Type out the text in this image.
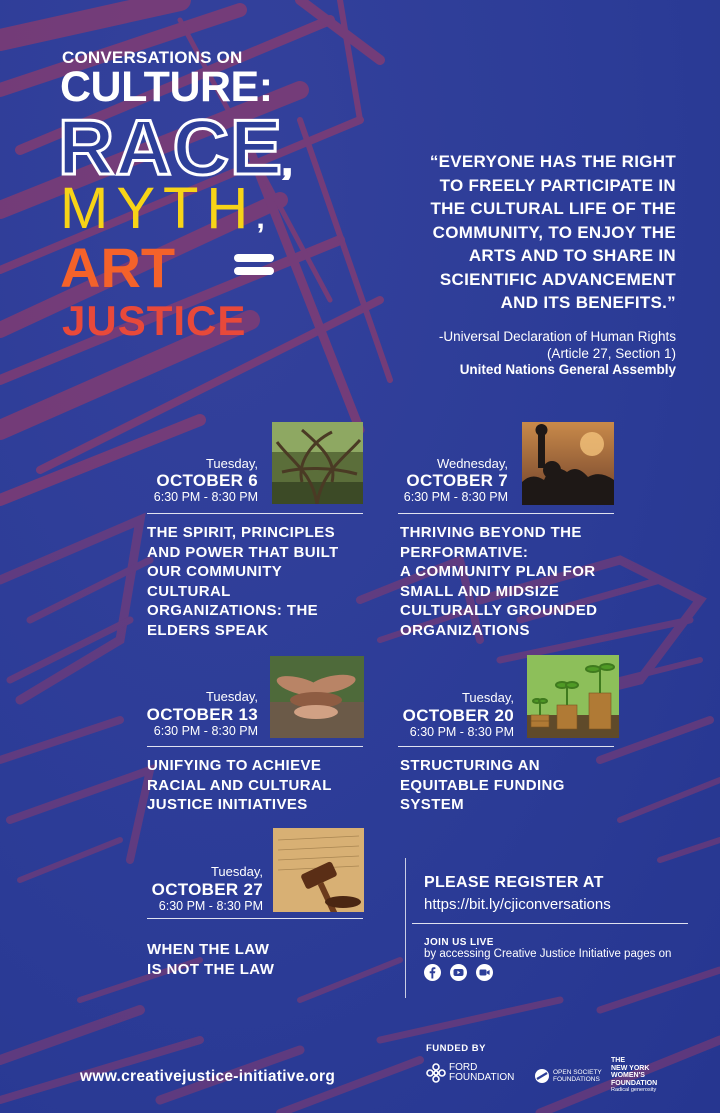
CONVERSATIONS ON
CULTURE:
RACE,
MYTH,
ART
JUSTICE
“EVERYONE HAS THE RIGHT
TO FREELY PARTICIPATE IN
THE CULTURAL LIFE OF THE
COMMUNITY, TO ENJOY THE
ARTS AND TO SHARE IN
SCIENTIFIC ADVANCEMENT
AND ITS BENEFITS.”
-Universal Declaration of Human Rights
(Article 27, Section 1)
United Nations General Assembly
Tuesday,
OCTOBER 6
6:30 PM - 8:30 PM
THE SPIRIT, PRINCIPLES
AND POWER THAT BUILT
OUR COMMUNITY
CULTURAL
ORGANIZATIONS: THE
ELDERS SPEAK
Wednesday,
OCTOBER 7
6:30 PM - 8:30 PM
THRIVING BEYOND THE
PERFORMATIVE:
A COMMUNITY PLAN FOR
SMALL AND MIDSIZE
CULTURALLY GROUNDED
ORGANIZATIONS
Tuesday,
OCTOBER 13
6:30 PM - 8:30 PM
UNIFYING TO ACHIEVE
RACIAL AND CULTURAL
JUSTICE INITIATIVES
Tuesday,
OCTOBER 20
6:30 PM - 8:30 PM
STRUCTURING AN
EQUITABLE FUNDING
SYSTEM
Tuesday,
OCTOBER 27
6:30 PM - 8:30 PM
WHEN THE LAW
IS NOT THE LAW
PLEASE REGISTER AT
https://bit.ly/cjiconversations
JOIN US LIVE
by accessing Creative Justice Initiative pages on
www.creativejustice-initiative.org
FUNDED BY
FORD
FOUNDATION	OPEN SOCIETY
FOUNDATIONS
THE
NEW YORK
WOMEN'S
FOUNDATION
Radical generosity
